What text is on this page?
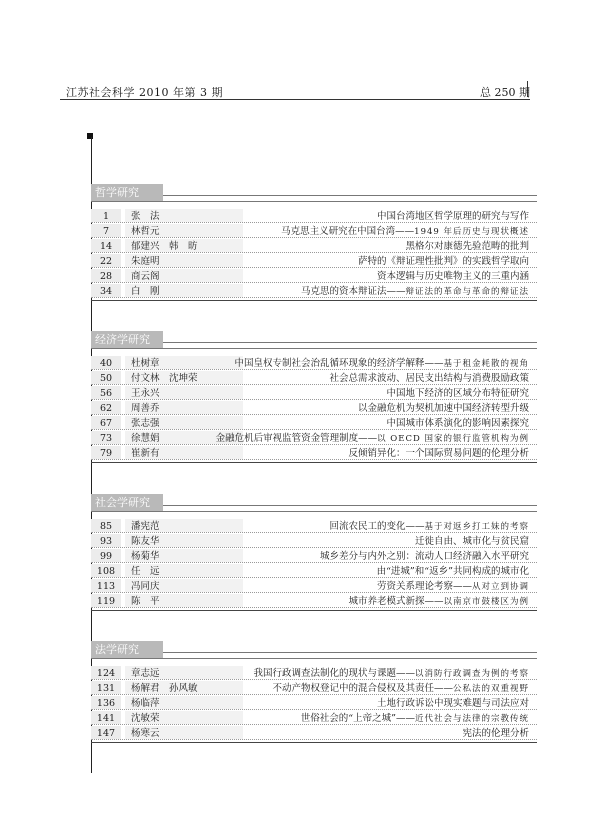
江苏社会科学 2010 年第 3 期	总 250 期
哲学研究
1	张　法	中国台湾地区哲学原理的研究与写作
7	林哲元	马克思主义研究在中国台湾——1949 年后历史与现状概述
14	郁建兴　韩　昉	黑格尔对康德先验范畴的批判
22	朱庭明	萨特的《辩证理性批判》的实践哲学取向
28	商云阁	资本逻辑与历史唯物主义的三重内涵
34	白　刚	马克思的资本辩证法——辩证法的革命与革命的辩证法
经济学研究
40	杜树章	中国皇权专制社会治乱循环现象的经济学解释——基于租金耗散的视角
50	付文林　沈坤荣	社会总需求波动、居民支出结构与消费股励政策
56	王永兴	中国地下经济的区域分布特征研究
62	周善乔	以金融危机为契机加速中国经济转型升级
67	张志强	中国城市体系演化的影响因素探究
73	徐慧娟	金融危机后审视监管资金管理制度——以 OECD 国家的银行监管机构为例
79	崔新有	反倾销异化：一个国际贸易问题的伦理分析
社会学研究
85	潘宪范	回流农民工的变化——基于对返乡打工妹的考察
93	陈友华	迁徙自由、城市化与贫民窟
99	杨菊华	城乡差分与内外之别：流动人口经济融入水平研究
108	任　远	由“进城”和“返乡”共同构成的城市化
113	冯同庆	劳资关系理论考察——从对立到协调
119	陈　平	城市养老模式新探——以南京市鼓楼区为例
法学研究
124	章志远	我国行政调查法制化的现状与课题——以消防行政调查为例的考察
131	杨解君　孙风敏	不动产物权登记中的混合侵权及其责任——公私法的双重视野
136	杨临萍	土地行政诉讼中现实难题与司法应对
141	沈敏荣	世俗社会的“上帝之城”——近代社会与法律的宗教传统
147	杨寒云	宪法的伦理分析
